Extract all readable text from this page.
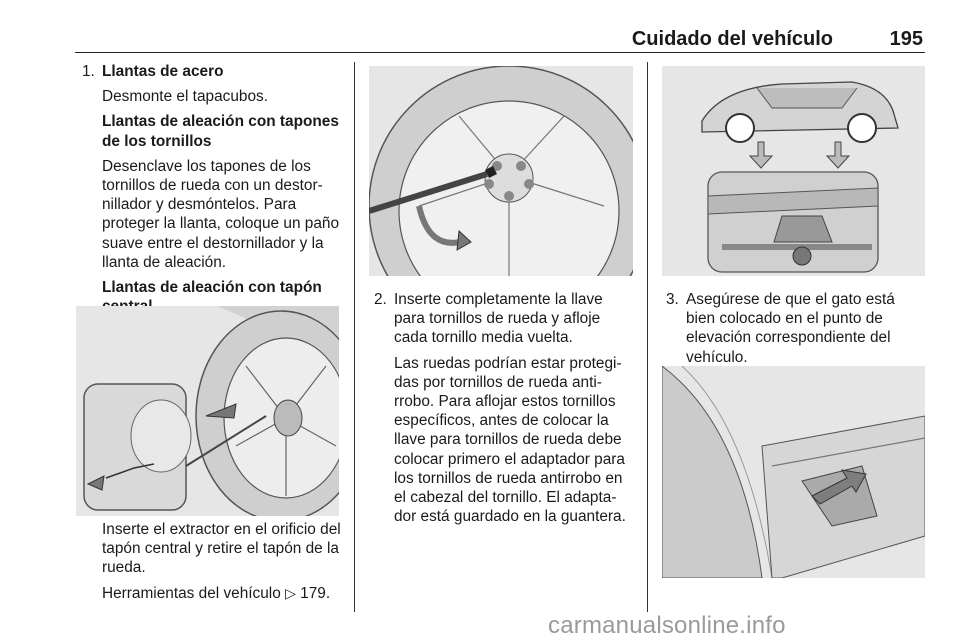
Cuidado del vehículo	195
1. Llantas de acero

Desmonte el tapacubos.

Llantas de aleación con tapones de los tornillos

Desenclave los tapones de los tornillos de rueda con un destor-nillador y desmóntelos. Para proteger la llanta, coloque un paño suave entre el destornillador y la llanta de aleación.

Llantas de aleación con tapón

Inserte el extractor en el orificio del tapón central y retire el tapón de la rueda.

Herramientas del vehículo ▷ 179.

2. Inserte completamente la llave para tornillos de rueda y afloje cada tornillo media vuelta.

Las ruedas podrían estar protegi-das por tornillos de rueda anti-rrobo. Para aflojar estos tornillos específicos, antes de colocar la llave para tornillos de rueda debe colocar primero el adaptador para los tornillos de rueda antirrobo en el cabezal del tornillo. El adapta-dor está guardado en la guantera.

3. Asegúrese de que el gato está bien colocado en el punto de elevación correspondiente del vehículo.

carmanualsonline.info
